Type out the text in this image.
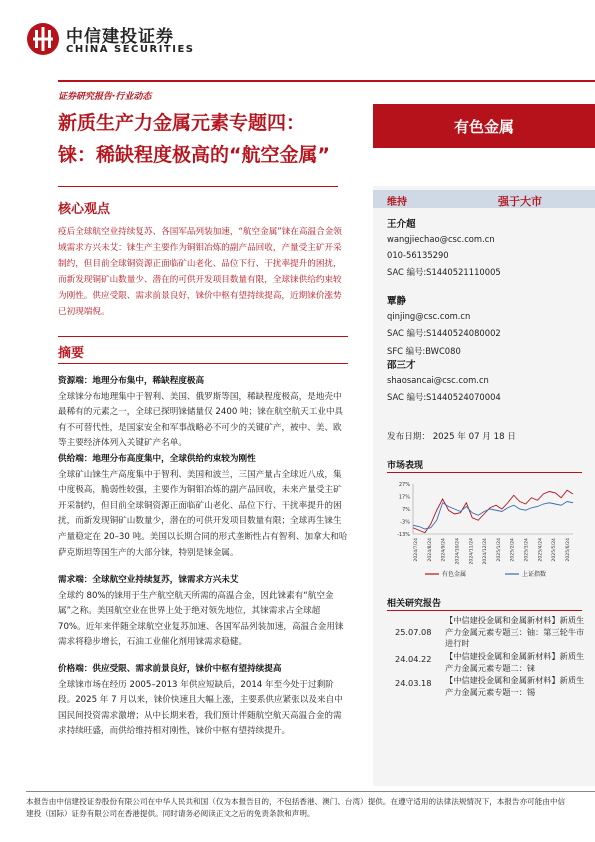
中信建投证券
CHINA SECURITIES
证券研究报告·行业动态
新质生产力金属元素专题四：
铼：稀缺程度极高的“航空金属”
有色金属
核心观点
疫后全球航空业持续复苏、各国军品列装加速，“航空金属”铼在高温合金领域需求方兴未艾：铼生产主要作为铜钼冶炼的副产品回收，产量受主矿开采制约，但目前全球铜资源正面临矿山老化、品位下行、干扰率提升的困扰，而新发现铜矿山数量少、潜在的可供开发项目数量有限，全球铼供给约束较为刚性。供应受限、需求前景良好，铼价中枢有望持续提高，近期铼价涨势已初现端倪。
摘要
资源端：地理分布集中，稀缺程度极高
全球铼分布地理集中于智利、美国、俄罗斯等国，稀缺程度极高，是地壳中最稀有的元素之一，全球已探明铼储量仅 2400 吨；铼在航空航天工业中具有不可替代性，是国家安全和军事战略必不可少的关键矿产，被中、美、欧等主要经济体列入关键矿产名单。
供给端：地理分布高度集中，全球供给约束较为刚性
全球矿山铼生产高度集中于智利、美国和波兰，三国产量占全球近八成，集中度极高，脆弱性较强，主要作为铜钼冶炼的副产品回收，未来产量受主矿开采制约，但目前全球铜资源正面临矿山老化、品位下行、干扰率提升的困扰，而新发现铜矿山数量少，潜在的可供开发项目数量有限；全球再生铼生产量稳定在 20–30 吨。美国以长期合同的形式垄断性占有智利、加拿大和哈萨克斯坦等国生产的大部分铼，特别是铼金属。
需求端：全球航空业持续复苏，铼需求方兴未艾
全球约 80%的铼用于生产航空航天所需的高温合金，因此铼素有“航空金属”之称。美国航空业在世界上处于绝对领先地位，其铼需求占全球超 70%。近年来伴随全球航空业复苏加速、各国军品列装加速，高温合金用铼需求将稳步增长，石油工业催化剂用铼需求稳健。
价格端：供应受限、需求前景良好，铼价中枢有望持续提高
全球铼市场在经历 2005–2013 年供应短缺后，2014 年至今处于过剩阶段。2025 年 7 月以来，铼价快速且大幅上涨，主要系供应紧张以及来自中国民间投资需求激增；从中长期来看，我们预计伴随航空航天高温合金的需求持续旺盛，而供给维持相对刚性，铼价中枢有望持续提升。
维持	强于大市
王介超
wangjiechao@csc.com.cn
010-56135290
SAC 编号:S1440521110005
覃静
qinjing@csc.com.cn
SAC 编号:S1440524080002
SFC 编号:BWC080
邵三才
shaosancai@csc.com.cn
SAC 编号:S1440524070004
发布日期： 2025 年 07 月 18 日
市场表现
27%
17%
7%
-3%
-13%
2024/7/24 2024/8/24 2024/9/24 2024/10/24 2024/11/24 2024/12/24 2025/1/24 2025/2/24 2025/3/24 2025/4/24 2025/5/24 2025/6/24
有色金属	上证指数
相关研究报告
25.07.08
【中信建投金属和金属新材料】新质生产力金属元素专题三：铀：第三轮牛市进行时
24.04.22 【中信建投金属和金属新材料】新质生产力金属元素专题二：铼
24.03.18 【中信建投金属和金属新材料】新质生产力金属元素专题一：锡
本报告由中信建投证券股份有限公司在中华人民共和国（仅为本报告目的，不包括香港、澳门、台湾）提供。在遵守适用的法律法规情况下，本报告亦可能由中信建投（国际）证券有限公司在香港提供。同时请务必阅读正文之后的免责条款和声明。
